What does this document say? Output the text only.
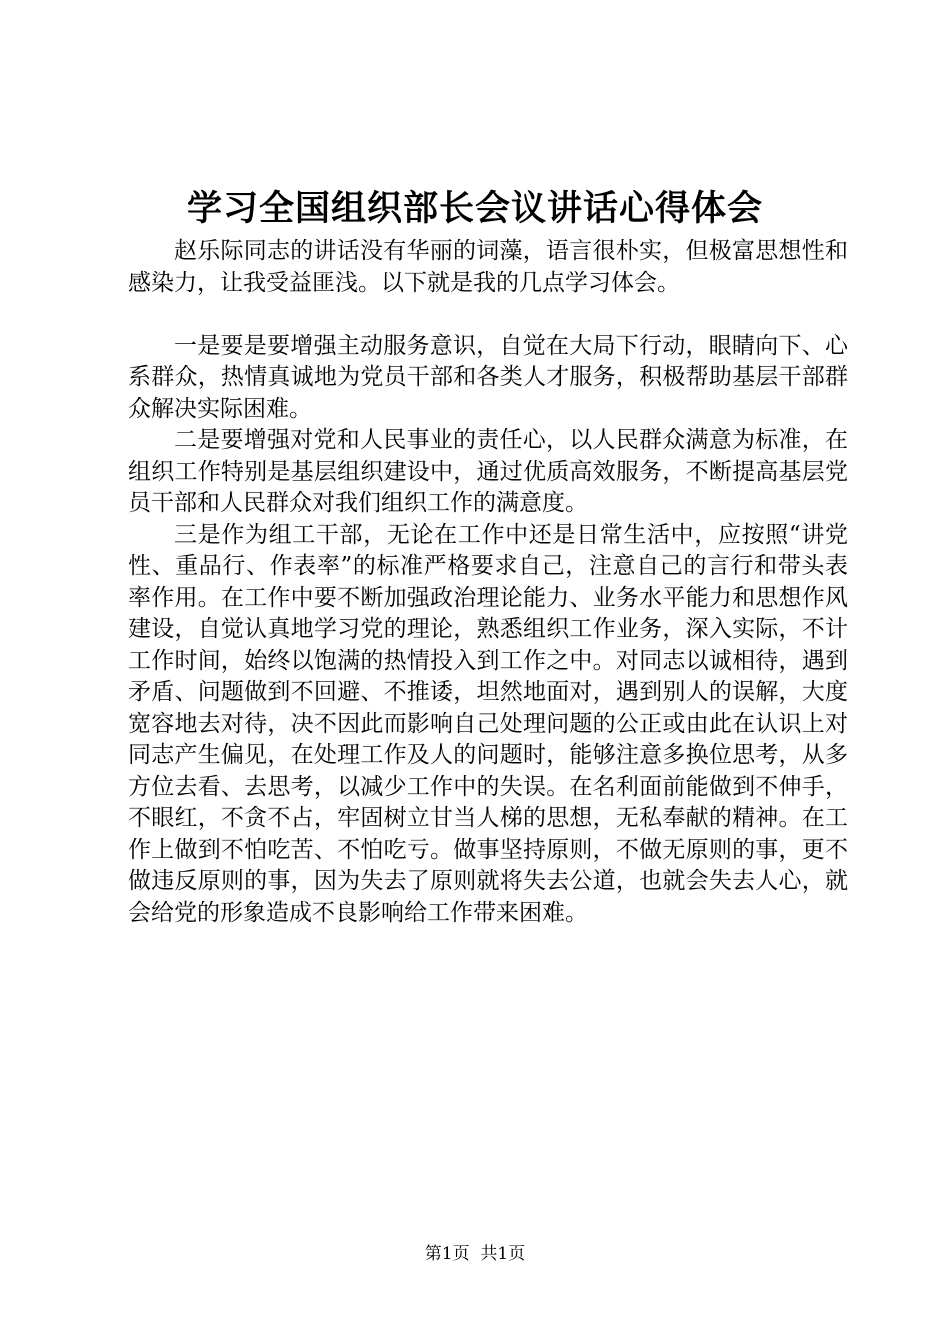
学习全国组织部长会议讲话心得体会

赵乐际同志的讲话没有华丽的词藻，语言很朴实，但极富思想性和感染力，让我受益匪浅。以下就是我的几点学习体会。

一是要是要增强主动服务意识，自觉在大局下行动，眼睛向下、心系群众，热情真诚地为党员干部和各类人才服务，积极帮助基层干部群众解决实际困难。

二是要增强对党和人民事业的责任心，以人民群众满意为标准，在组织工作特别是基层组织建设中，通过优质高效服务，不断提高基层党员干部和人民群众对我们组织工作的满意度。

三是作为组工干部，无论在工作中还是日常生活中，应按照“讲党性、重品行、作表率”的标准严格要求自己，注意自己的言行和带头表率作用。在工作中要不断加强政治理论能力、业务水平能力和思想作风建设，自觉认真地学习党的理论，熟悉组织工作业务，深入实际，不计工作时间，始终以饱满的热情投入到工作之中。对同志以诚相待，遇到矛盾、问题做到不回避、不推诿，坦然地面对，遇到别人的误解，大度宽容地去对待，决不因此而影响自己处理问题的公正或由此在认识上对同志产生偏见，在处理工作及人的问题时，能够注意多换位思考，从多方位去看、去思考，以减少工作中的失误。在名利面前能做到不伸手，不眼红，不贪不占，牢固树立甘当人梯的思想，无私奉献的精神。在工作上做到不怕吃苦、不怕吃亏。做事坚持原则，不做无原则的事，更不做违反原则的事，因为失去了原则就将失去公道，也就会失去人心，就会给党的形象造成不良影响给工作带来困难。

第1页  共1页
